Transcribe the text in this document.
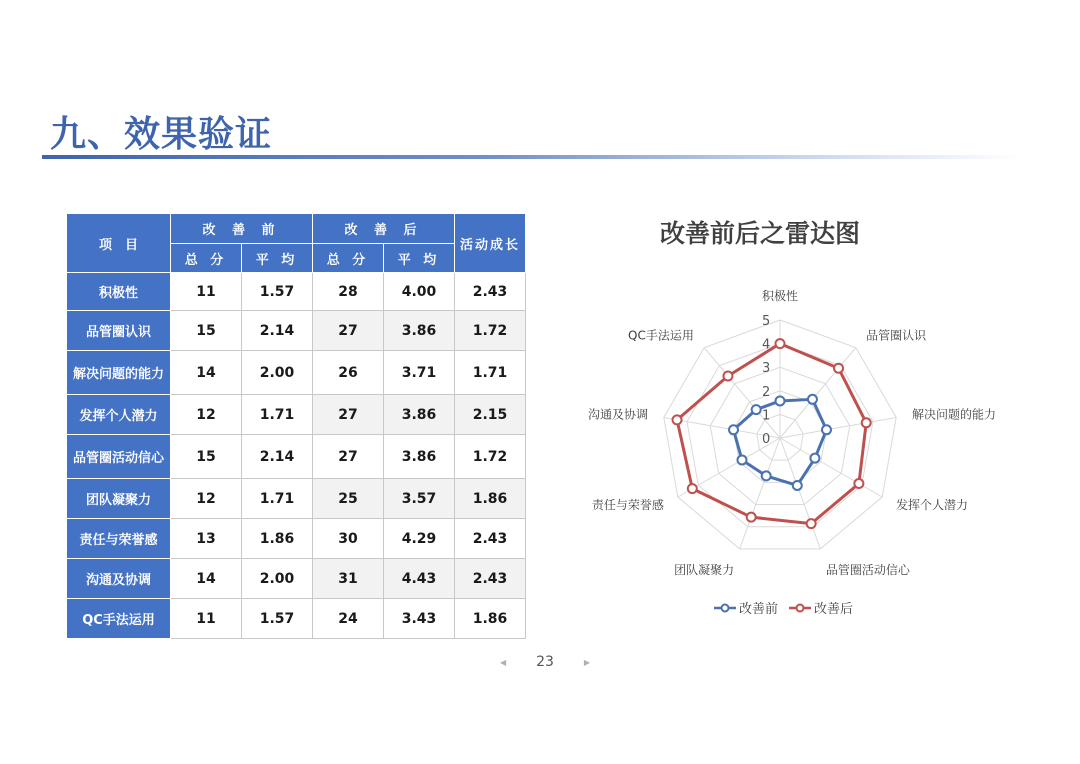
九、效果验证
项　目	改 善 前		改 善 后		活动成长
	总 分	平 均	总 分	平 均	
积极性	11	1.57	28	4.00	2.43
品管圈认识	15	2.14	27	3.86	1.72
解决问题的能力	14	2.00	26	3.71	1.71
发挥个人潜力	12	1.71	27	3.86	2.15
品管圈活动信心	15	2.14	27	3.86	1.72
团队凝聚力	12	1.71	25	3.57	1.86
责任与荣誉感	13	1.86	30	4.29	2.43
沟通及协调	14	2.00	31	4.43	2.43
QC手法运用	11	1.57	24	3.43	1.86
改善前后之雷达图
0
1
2
3
4
5
积极性
品管圈认识
解决问题的能力
发挥个人潜力
品管圈活动信心
团队凝聚力
责任与荣誉感
沟通及协调
QC手法运用
改善前	改善后
◀ 23	▶
